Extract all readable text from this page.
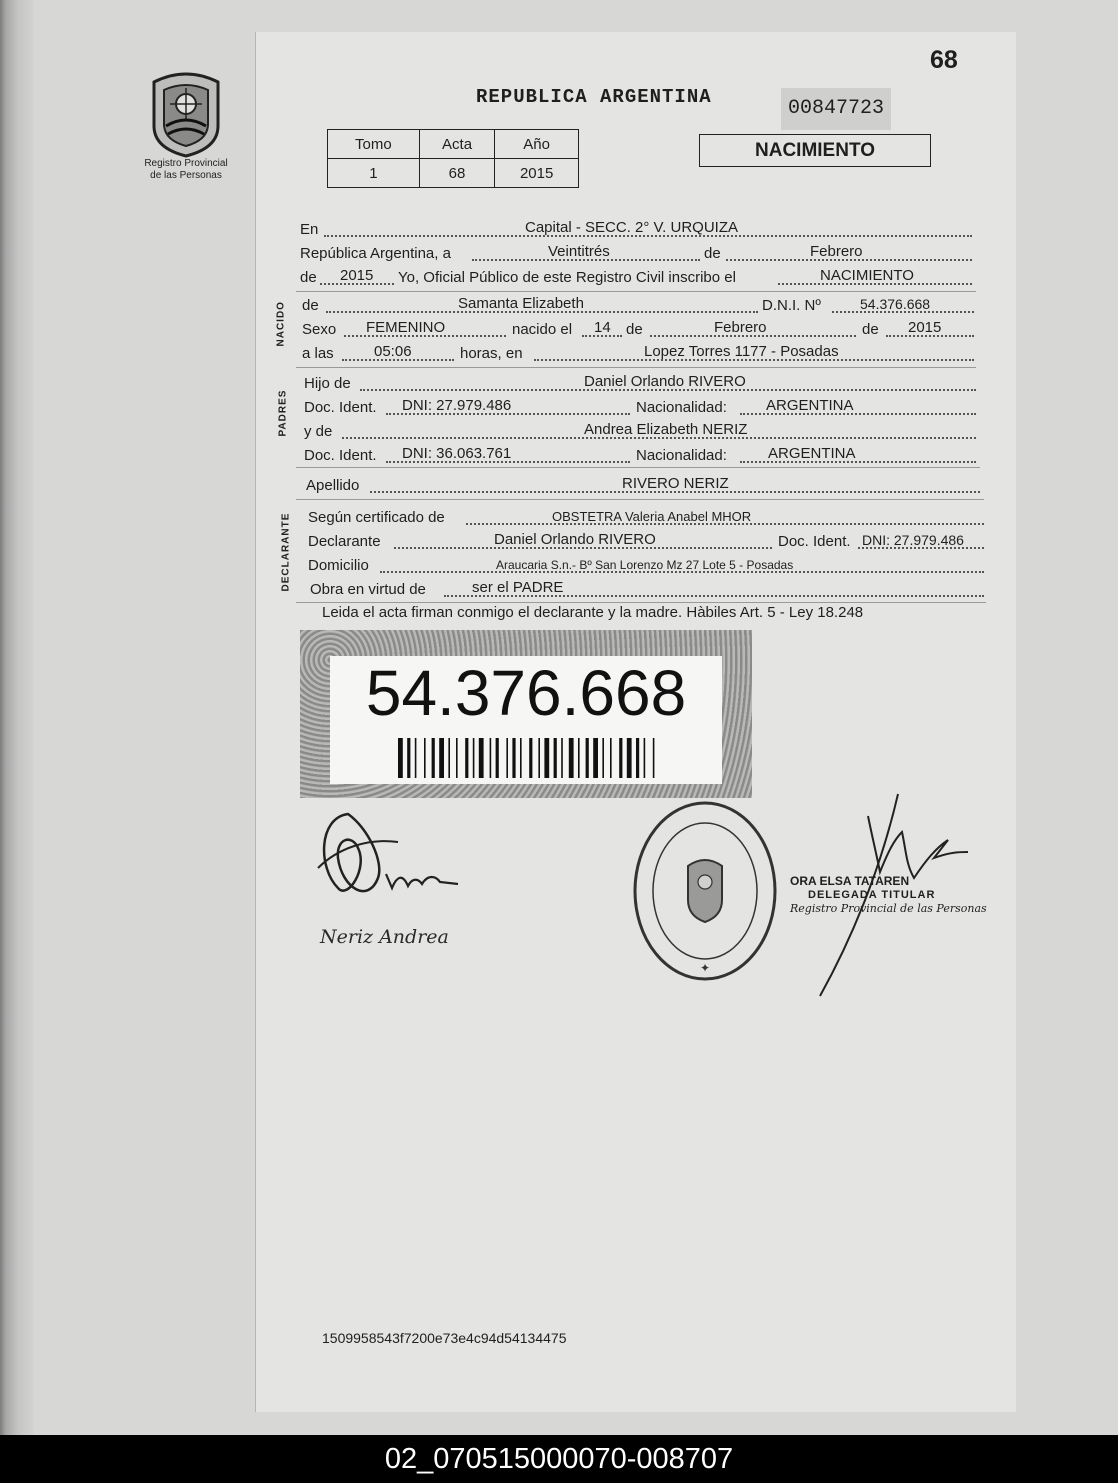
Registro Provincial
de las Personas
68
REPUBLICA ARGENTINA	00847723
Tomo	Acta	Año
1	68	2015
NACIMIENTO
En	Capital - SECC. 2° V. URQUIZA
República Argentina, a	Veintitrés	de	Febrero
de 2015 Yo, Oficial Público de este Registro Civil inscribo el	NACIMIENTO
NACIDO de	Samanta Elizabeth	D.N.I. Nº	54.376.668
Sexo FEMENINO	nacido el 14 de	Febrero	de 2015
a las	05:06	horas, en	Lopez Torres 1177 - Posadas
PADRES
Hijo de	Daniel Orlando RIVERO
Doc. Ident. DNI: 27.979.486	Nacionalidad:	ARGENTINA
y de	Andrea Elizabeth NERIZ
Doc. Ident. DNI: 36.063.761	Nacionalidad:	ARGENTINA
Apellido	RIVERO NERIZ
DECLARANTE Según certificado de	OBSTETRA Valeria Anabel MHOR
Declarante	Daniel Orlando RIVERO	Doc. Ident. DNI: 27.979.486
Domicilio	Araucaria S.n.- Bº San Lorenzo Mz 27 Lote 5 - Posadas
Obra en virtud de	ser el PADRE
Leida el acta firman conmigo el declarante y la madre. Hàbiles Art. 5 - Ley 18.248
54.376.668
Neriz Andrea
✦
ORA ELSA TATAREN
DELEGADA TITULAR
Registro Provincial de las Personas
1509958543f7200e73e4c94d54134475
02_070515000070-008707
